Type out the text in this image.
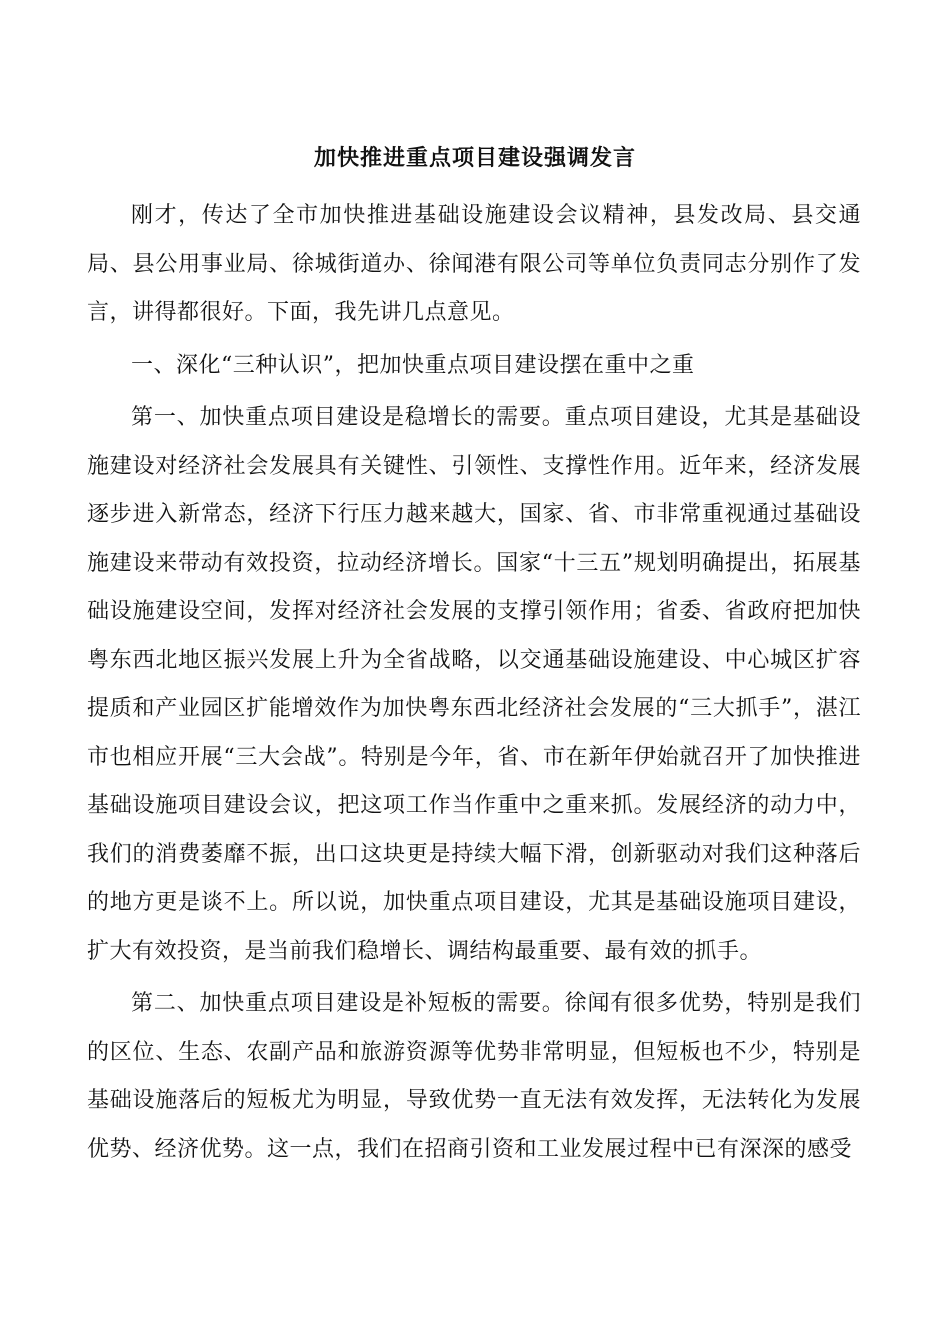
加快推进重点项目建设强调发言

刚才，传达了全市加快推进基础设施建设会议精神，县发改局、县交通局、县公用事业局、徐城街道办、徐闻港有限公司等单位负责同志分别作了发言，讲得都很好。下面，我先讲几点意见。

一、深化“三种认识”，把加快重点项目建设摆在重中之重

第一、加快重点项目建设是稳增长的需要。重点项目建设，尤其是基础设施建设对经济社会发展具有关键性、引领性、支撑性作用。近年来，经济发展逐步进入新常态，经济下行压力越来越大，国家、省、市非常重视通过基础设施建设来带动有效投资，拉动经济增长。国家“十三五”规划明确提出，拓展基础设施建设空间，发挥对经济社会发展的支撑引领作用；省委、省政府把加快粤东西北地区振兴发展上升为全省战略，以交通基础设施建设、中心城区扩容提质和产业园区扩能增效作为加快粤东西北经济社会发展的“三大抓手”，湛江市也相应开展“三大会战”。特别是今年，省、市在新年伊始就召开了加快推进基础设施项目建设会议，把这项工作当作重中之重来抓。发展经济的动力中，我们的消费萎靡不振，出口这块更是持续大幅下滑，创新驱动对我们这种落后的地方更是谈不上。所以说，加快重点项目建设，尤其是基础设施项目建设，扩大有效投资，是当前我们稳增长、调结构最重要、最有效的抓手。

第二、加快重点项目建设是补短板的需要。徐闻有很多优势，特别是我们的区位、生态、农副产品和旅游资源等优势非常明显，但短板也不少，特别是基础设施落后的短板尤为明显，导致优势一直无法有效发挥，无法转化为发展优势、经济优势。这一点，我们在招商引资和工业发展过程中已有深深的感受
